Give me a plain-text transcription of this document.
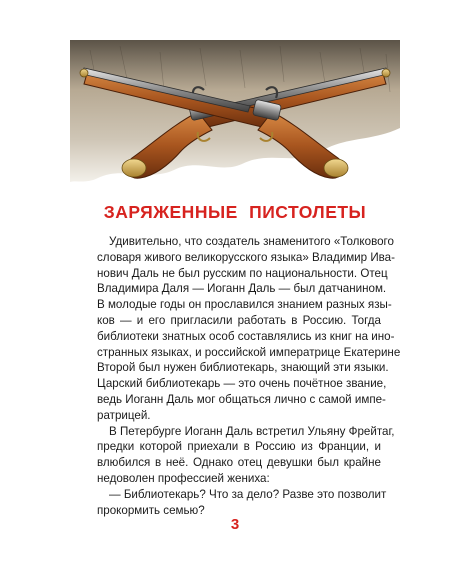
ЗАРЯЖЕННЫЕ ПИСТОЛЕТЫ
Удивительно, что создатель знаменитого «Толкового
словаря живого великорусского языка» Владимир Ива-
нович Даль не был русским по национальности. Отец
Владимира Даля — Иоганн Даль — был датчанином.
В молодые годы он прославился знанием разных язы-
ков — и его пригласили работать в Россию. Тогда
библиотеки знатных особ составлялись из книг на ино-
странных языках, и российской императрице Екатерине
Второй был нужен библиотекарь, знающий эти языки.
Царский библиотекарь — это очень почётное звание,
ведь Иоганн Даль мог общаться лично с самой импе-
ратрицей.
В Петербурге Иоганн Даль встретил Ульяну Фрейтаг,
предки которой приехали в Россию из Франции, и
влюбился в неё. Однако отец девушки был крайне
недоволен профессией жениха:
— Библиотекарь? Что за дело? Разве это позволит
прокормить семью?
3
